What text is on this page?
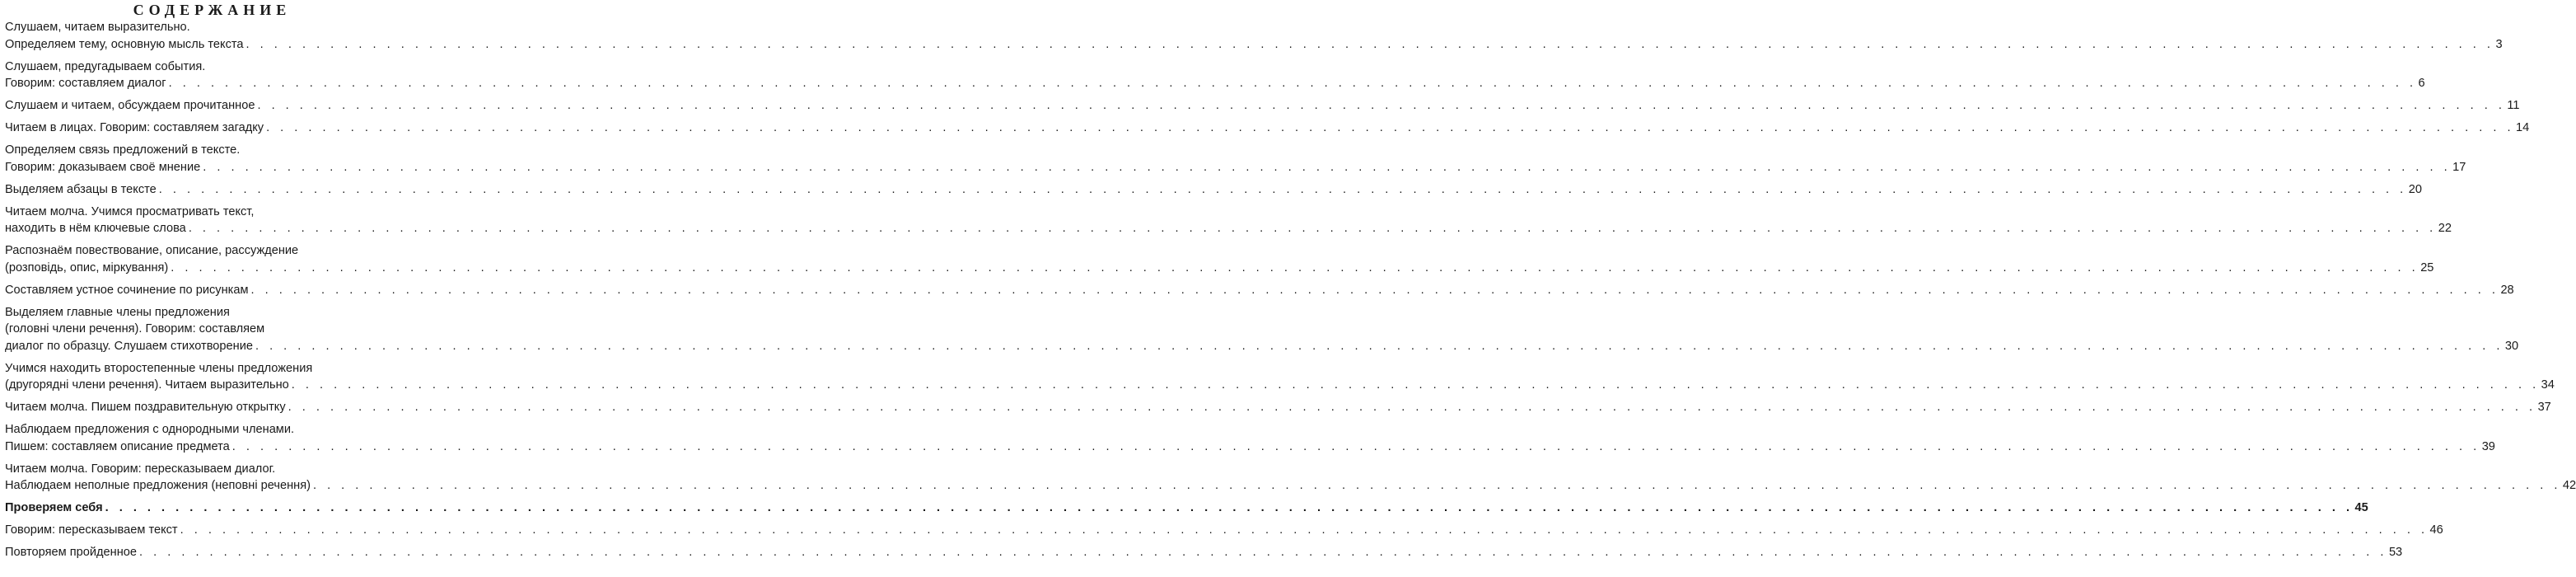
СОДЕРЖАНИЕ
Слушаем, читаем выразительно.
Определяем тему, основную мысль текста . . .	3
Слушаем, предугадываем события.
Говорим: составляем диалог . . .	6
Слушаем и читаем, обсуждаем прочитанное . . .	11
Читаем в лицах. Говорим: составляем загадку . . .	14
Определяем связь предложений в тексте.
Говорим: доказываем своё мнение . . .	17
Выделяем абзацы в тексте . . .	20
Читаем молча. Учимся просматривать текст,
находить в нём ключевые слова . . .	22
Распознаём повествование, описание, рассуждение
(розповідь, опис, міркування) . . .	25
Составляем устное сочинение по рисункам . . .	28
Выделяем главные члены предложения
(головні члени речення). Говорим: составляем
диалог по образцу. Слушаем стихотворение . . .	30
Учимся находить второстепенные члены предложения
(другорядні члени речення). Читаем выразительно . . .	34
Читаем молча. Пишем поздравительную открытку . . .	37
Наблюдаем предложения с однородными членами.
Пишем: составляем описание предмета . . .	39
Читаем молча. Говорим: пересказываем диалог.
Наблюдаем неполные предложения (неповні речення) . . .	42
Проверяем себя . . .	45
Говорим: пересказываем текст . . .	46
Повторяем пройденное . . .	53
